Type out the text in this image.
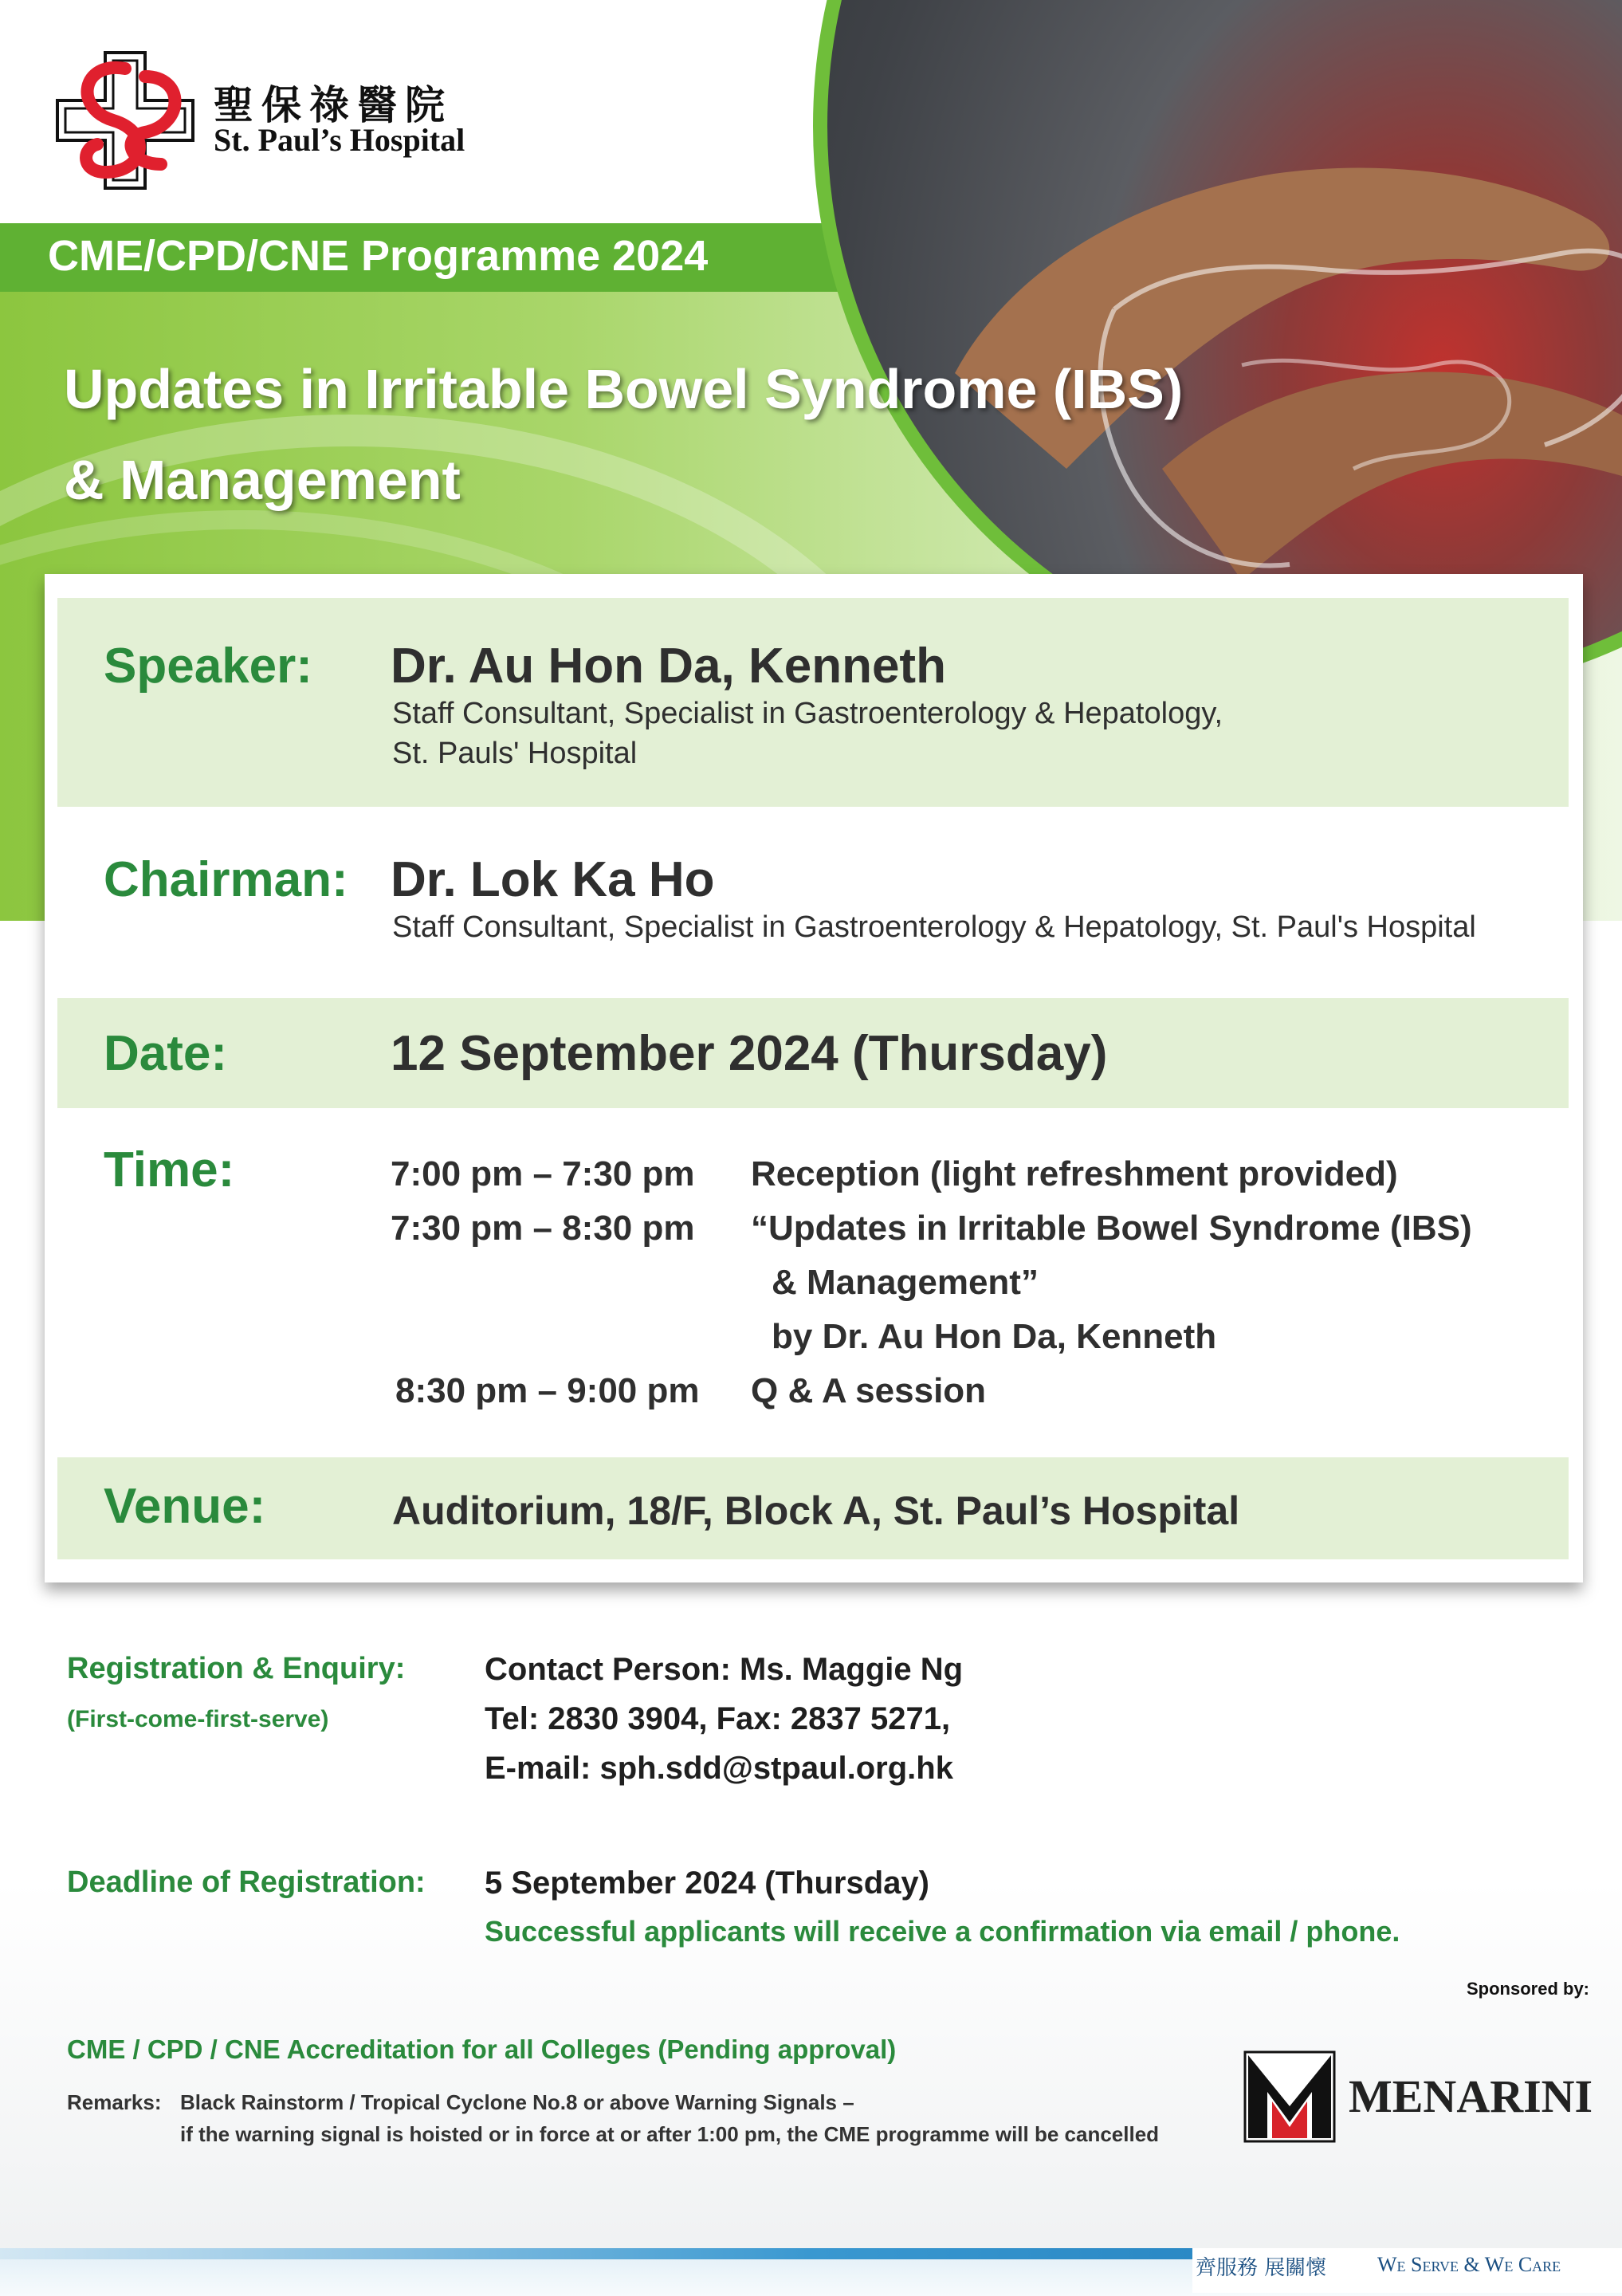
聖保祿醫院
St. Paul’s Hospital
CME/CPD/CNE Programme 2024
Updates in Irritable Bowel Syndrome (IBS)
& Management
Speaker: Dr. Au Hon Da, Kenneth
Staff Consultant, Specialist in Gastroenterology & Hepatology,
St. Pauls' Hospital
Chairman: Dr. Lok Ka Ho
Staff Consultant, Specialist in Gastroenterology & Hepatology, St. Paul's Hospital
Date:	12 September 2024 (Thursday)
Time:	7:00 pm – 7:30 pm Reception (light refreshment provided)
7:30 pm – 8:30 pm “Updates in Irritable Bowel Syndrome (IBS)
& Management”
by Dr. Au Hon Da, Kenneth
8:30 pm – 9:00 pm Q & A session
Venue:	Auditorium, 18/F, Block A, St. Paul’s Hospital
Registration & Enquiry:
(First-come-first-serve)
Contact Person: Ms. Maggie Ng
Tel: 2830 3904, Fax: 2837 5271,
E-mail: sph.sdd@stpaul.org.hk
Deadline of Registration: 5 September 2024 (Thursday)
Successful applicants will receive a confirmation via email / phone.
Sponsored by:
CME / CPD / CNE Accreditation for all Colleges (Pending approval)
Remarks: Black Rainstorm / Tropical Cyclone No.8 or above Warning Signals –
if the warning signal is hoisted or in force at or after 1:00 pm, the CME programme will be cancelled
MENARINI MENARINI
齊服務 展關懷 We Serve & We Care
